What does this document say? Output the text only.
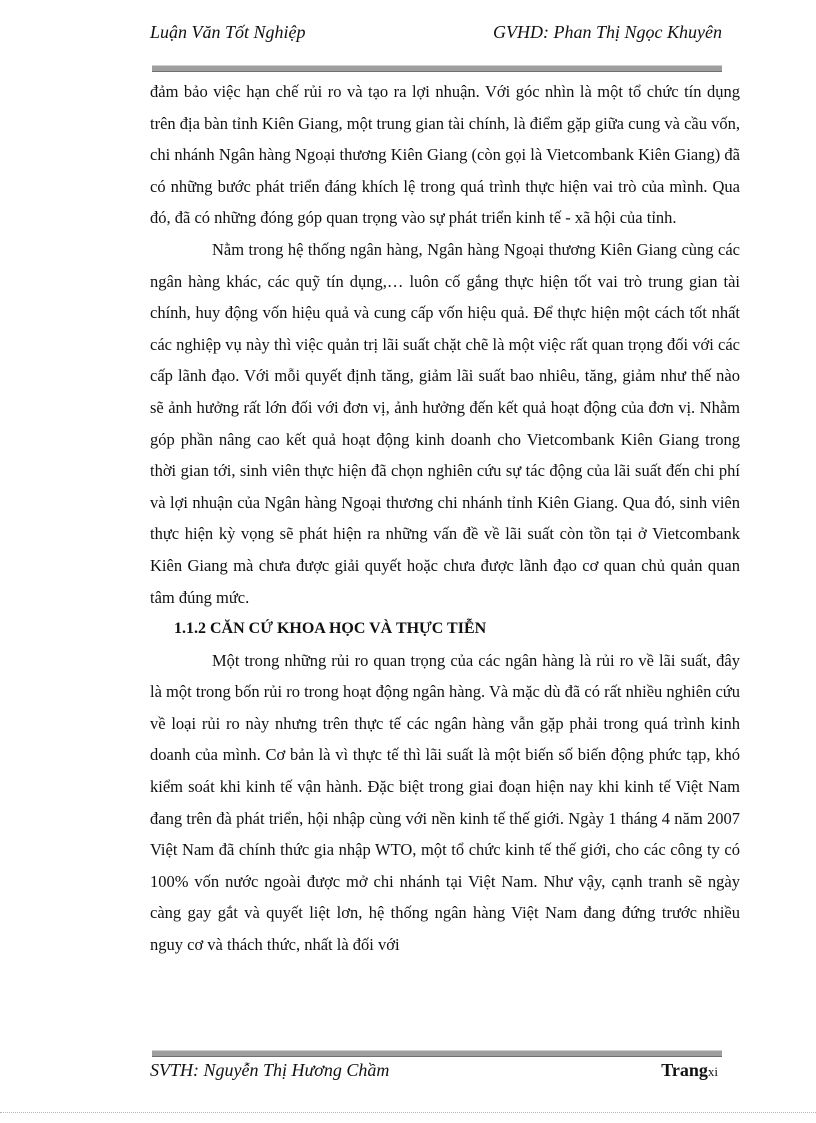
Luận Văn Tốt Nghiệp	GVHD: Phan Thị Ngọc Khuyên

đảm bảo việc hạn chế rủi ro và tạo ra lợi nhuận. Với góc nhìn là một tổ chức tín dụng trên địa bàn tỉnh Kiên Giang, một trung gian tài chính, là điểm gặp giữa cung và cầu vốn, chi nhánh Ngân hàng Ngoại thương Kiên Giang (còn gọi là Vietcombank Kiên Giang) đã có những bước phát triển đáng khích lệ trong quá trình thực hiện vai trò của mình. Qua đó, đã có những đóng góp quan trọng vào sự phát triển kinh tế - xã hội của tỉnh.

Nằm trong hệ thống ngân hàng, Ngân hàng Ngoại thương Kiên Giang cùng các ngân hàng khác, các quỹ tín dụng,… luôn cố gắng thực hiện tốt vai trò trung gian tài chính, huy động vốn hiệu quả và cung cấp vốn hiệu quả. Để thực hiện một cách tốt nhất các nghiệp vụ này thì việc quản trị lãi suất chặt chẽ là một việc rất quan trọng đối với các cấp lãnh đạo. Với mỗi quyết định tăng, giảm lãi suất bao nhiêu, tăng, giảm như thế nào sẽ ảnh hưởng rất lớn đối với đơn vị, ảnh hưởng đến kết quả hoạt động của đơn vị. Nhằm góp phần nâng cao kết quả hoạt động kinh doanh cho Vietcombank Kiên Giang trong thời gian tới, sinh viên thực hiện đã chọn nghiên cứu sự tác động của lãi suất đến chi phí và lợi nhuận của Ngân hàng Ngoại thương chi nhánh tỉnh Kiên Giang. Qua đó, sinh viên thực hiện kỳ vọng sẽ phát hiện ra những vấn đề về lãi suất còn tồn tại ở Vietcombank Kiên Giang mà chưa được giải quyết hoặc chưa được lãnh đạo cơ quan chủ quản quan tâm đúng mức.

1.1.2 CĂN CỨ KHOA HỌC VÀ THỰC TIỄN

Một trong những rủi ro quan trọng của các ngân hàng là rủi ro về lãi suất, đây là một trong bốn rủi ro trong hoạt động ngân hàng. Và mặc dù đã có rất nhiều nghiên cứu về loại rủi ro này nhưng trên thực tế các ngân hàng vẫn gặp phải trong quá trình kinh doanh của mình. Cơ bản là vì thực tế thì lãi suất là một biến số biến động phức tạp, khó kiểm soát khi kinh tế vận hành. Đặc biệt trong giai đoạn hiện nay khi kinh tế Việt Nam đang trên đà phát triển, hội nhập cùng với nền kinh tế thế giới. Ngày 1 tháng 4 năm 2007 Việt Nam đã chính thức gia nhập WTO, một tổ chức kinh tế thế giới, cho các công ty có 100% vốn nước ngoài được mở chi nhánh tại Việt Nam. Như vậy, cạnh tranh sẽ ngày càng gay gắt và quyết liệt lơn, hệ thống ngân hàng Việt Nam đang đứng trước nhiều nguy cơ và thách thức, nhất là đối với

SVTH: Nguyễn Thị Hương Chầm	Trangxi
